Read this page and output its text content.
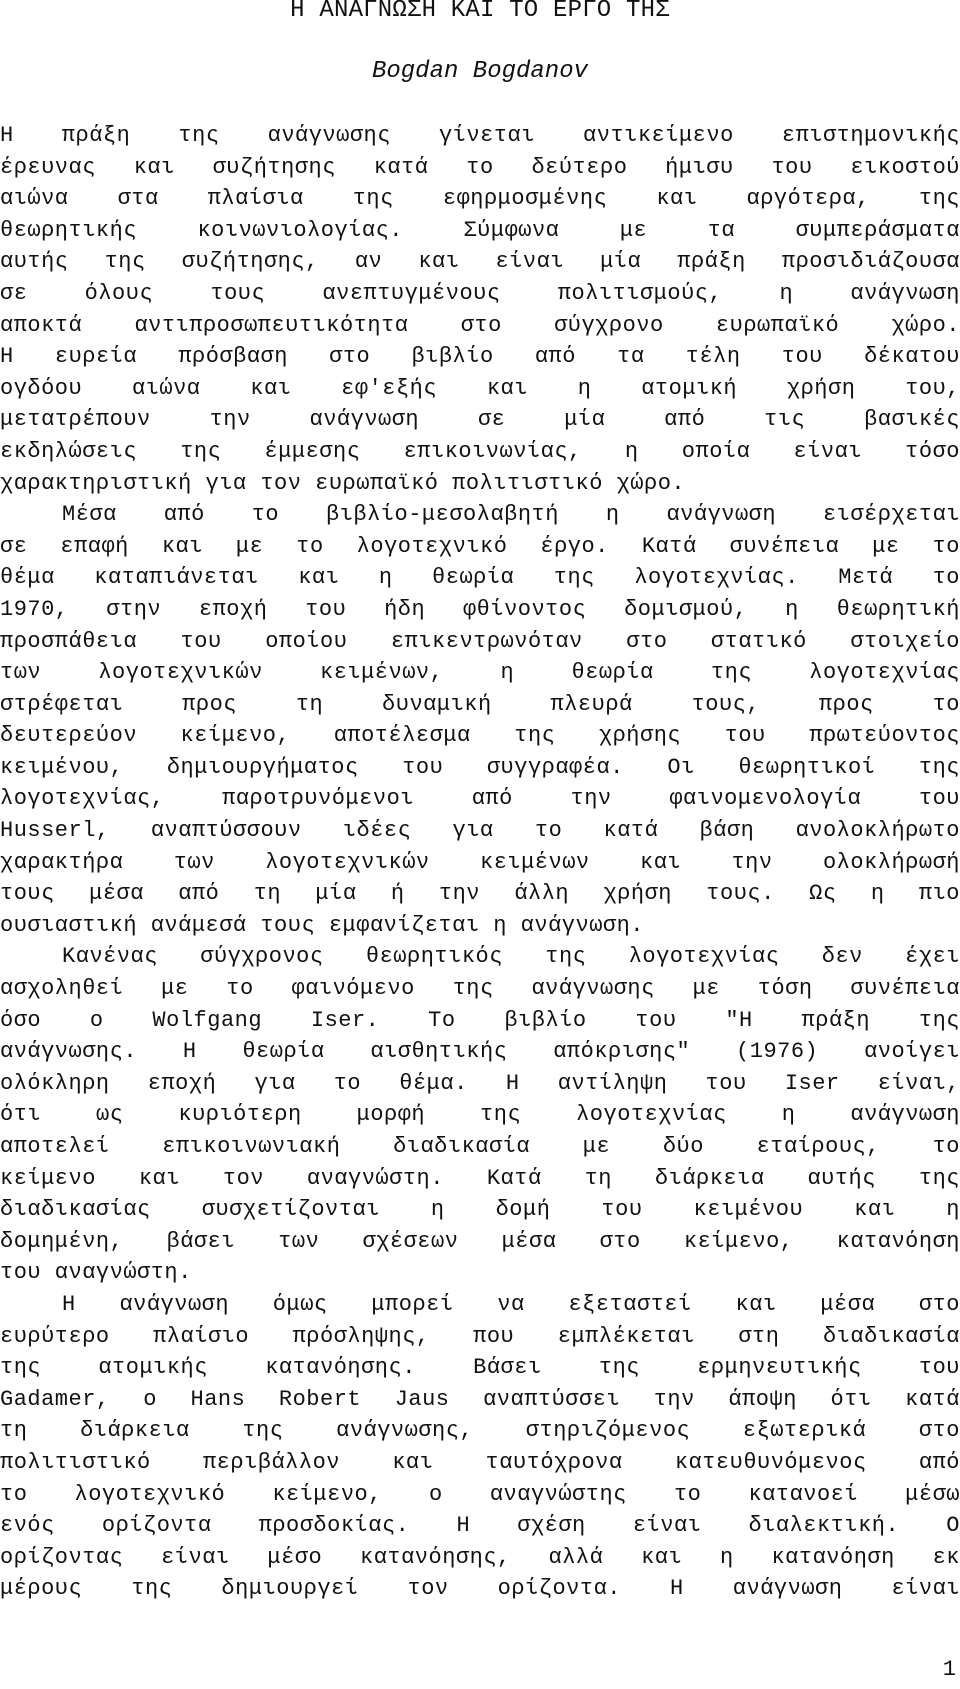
Η ΑΝΑΓΝΩΣΗ ΚΑΙ ΤΟ ΕΡΓΟ ΤΗΣ
Bogdan Bogdanov
Η πράξη της ανάγνωσης γίνεται αντικείμενο επιστημονικής
έρευνας και συζήτησης κατά το δεύτερο ήμισυ του εικοστού
αιώνα στα πλαίσια της εφηρμοσμένης και αργότερα, της
θεωρητικής κοινωνιολογίας. Σύμφωνα με τα συμπεράσματα
αυτής της συζήτησης, αν και είναι μία πράξη προσιδιάζουσα
σε όλους τους ανεπτυγμένους πολιτισμούς, η ανάγνωση
αποκτά αντιπροσωπευτικότητα στο σύγχρονο ευρωπαϊκό χώρο.
Η ευρεία πρόσβαση στο βιβλίο από τα τέλη του δέκατου
ογδόου αιώνα και εφ'εξής και η ατομική χρήση του,
μετατρέπουν την ανάγνωση σε μία από τις βασικές
εκδηλώσεις της έμμεσης επικοινωνίας, η οποία είναι τόσο
χαρακτηριστική για τον ευρωπαϊκό πολιτιστικό χώρο.
Μέσα από το βιβλίο-μεσολαβητή η ανάγνωση εισέρχεται
σε επαφή και με το λογοτεχνικό έργο. Κατά συνέπεια με το
θέμα καταπιάνεται και η θεωρία της λογοτεχνίας. Μετά το
1970, στην εποχή του ήδη φθίνοντος δομισμού, η θεωρητική
προσπάθεια του οποίου επικεντρωνόταν στο στατικό στοιχείο
των λογοτεχνικών κειμένων, η θεωρία της λογοτεχνίας
στρέφεται προς τη δυναμική πλευρά τους, προς το
δευτερεύον κείμενο, αποτέλεσμα της χρήσης του πρωτεύοντος
κειμένου, δημιουργήματος του συγγραφέα. Οι θεωρητικοί της
λογοτεχνίας, παροτρυνόμενοι από την φαινομενολογία του
Husserl, αναπτύσσουν ιδέες για το κατά βάση ανολοκλήρωτο
χαρακτήρα των λογοτεχνικών κειμένων και την ολοκλήρωσή
τους μέσα από τη μία ή την άλλη χρήση τους. Ως η πιο
ουσιαστική ανάμεσά τους εμφανίζεται η ανάγνωση.
Κανένας σύγχρονος θεωρητικός της λογοτεχνίας δεν έχει
ασχοληθεί με το φαινόμενο της ανάγνωσης με τόση συνέπεια
όσο ο Wolfgang Iser. Το βιβλίο του "Η πράξη της
ανάγνωσης. Η θεωρία αισθητικής απόκρισης" (1976) ανοίγει
ολόκληρη εποχή για το θέμα. Η αντίληψη του Iser είναι,
ότι ως κυριότερη μορφή της λογοτεχνίας η ανάγνωση
αποτελεί επικοινωνιακή διαδικασία με δύο εταίρους, το
κείμενο και τον αναγνώστη. Κατά τη διάρκεια αυτής της
διαδικασίας συσχετίζονται η δομή του κειμένου και η
δομημένη, βάσει των σχέσεων μέσα στο κείμενο, κατανόηση
του αναγνώστη.
Η ανάγνωση όμως μπορεί να εξεταστεί και μέσα στο
ευρύτερο πλαίσιο πρόσληψης, που εμπλέκεται στη διαδικασία
της ατομικής κατανόησης. Βάσει της ερμηνευτικής του
Gadamer, ο Hans Robert Jaus αναπτύσσει την άποψη ότι κατά
τη διάρκεια της ανάγνωσης, στηριζόμενος εξωτερικά στο
πολιτιστικό περιβάλλον και ταυτόχρονα κατευθυνόμενος από
το λογοτεχνικό κείμενο, ο αναγνώστης το κατανοεί μέσω
ενός ορίζοντα προσδοκίας. Η σχέση είναι διαλεκτική. Ο
ορίζοντας είναι μέσο κατανόησης, αλλά και η κατανόηση εκ
μέρους της δημιουργεί τον ορίζοντα. Η ανάγνωση είναι
1
